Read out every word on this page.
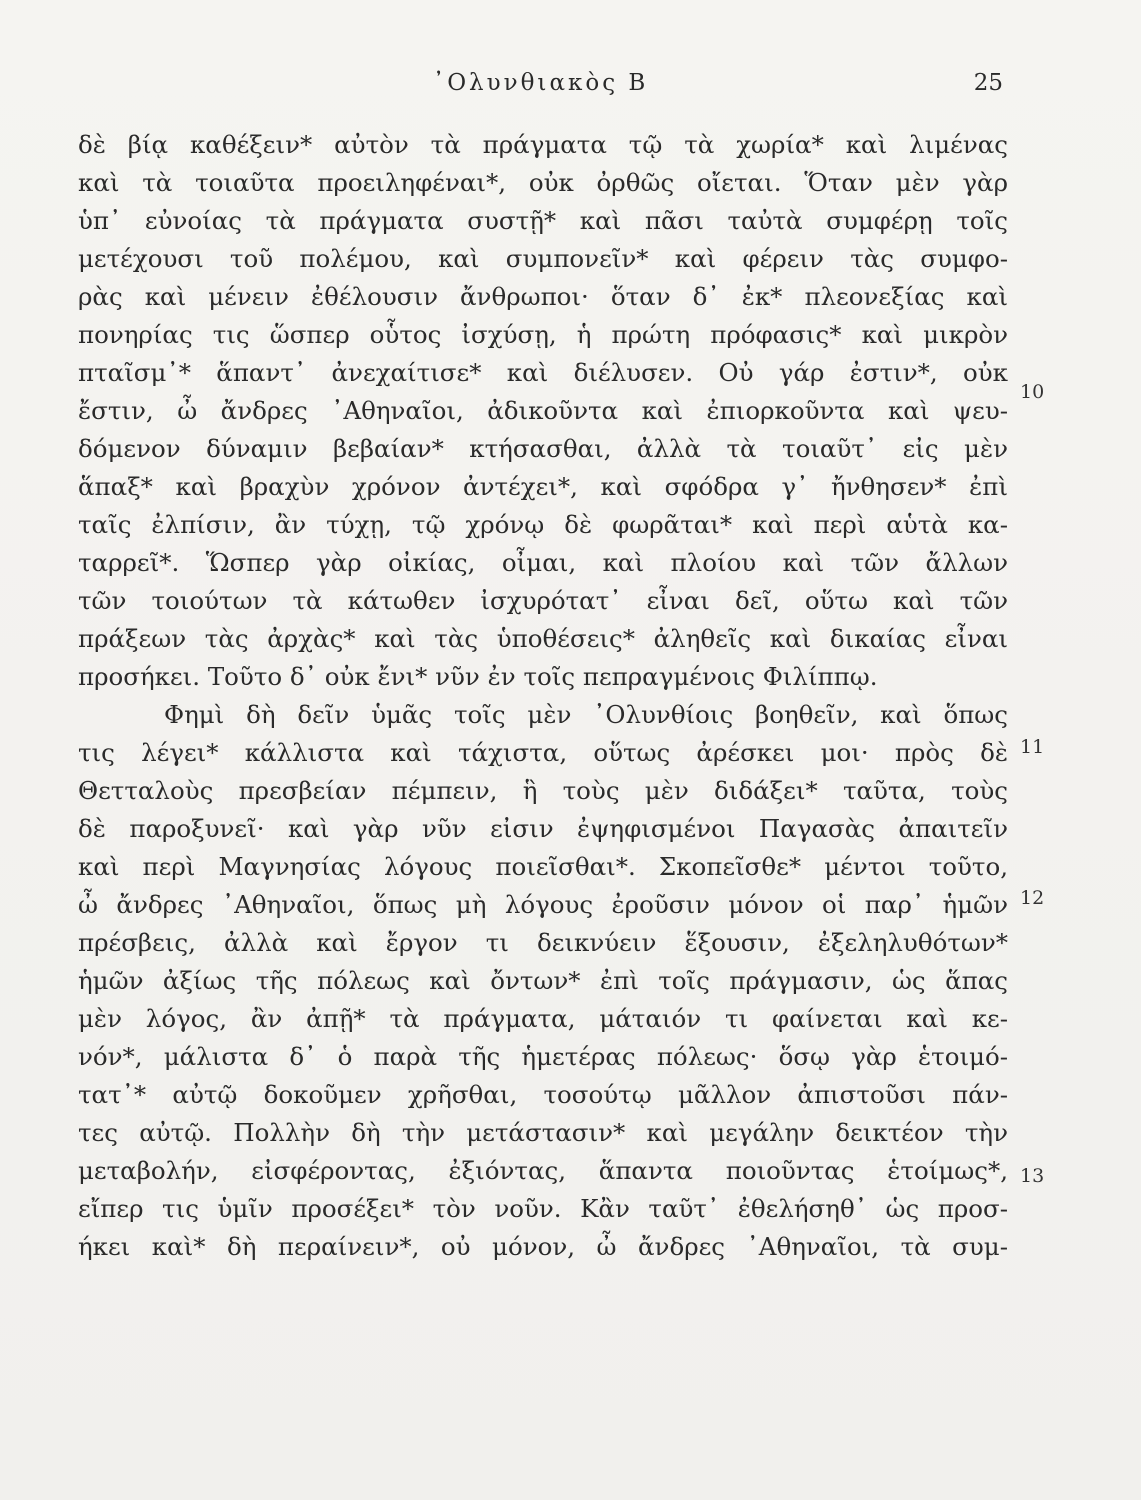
᾽Ολυνθιακὸς Β	25
δὲ βίᾳ καθέξειν* αὐτὸν τὰ πράγματα τῷ τὰ χωρία* καὶ λιμένας
καὶ τὰ τοιαῦτα προειληφέναι*, οὐκ ὀρθῶς οἴεται. Ὅταν μὲν γὰρ
ὑπ᾽ εὐνοίας τὰ πράγματα συστῇ* καὶ πᾶσι ταὐτὰ συμφέρῃ τοῖς
μετέχουσι τοῦ πολέμου, καὶ συμπονεῖν* καὶ φέρειν τὰς συμφο-
ρὰς καὶ μένειν ἐθέλουσιν ἄνθρωποι· ὅταν δ᾽ ἐκ* πλεονεξίας καὶ
πονηρίας τις ὥσπερ οὗτος ἰσχύσῃ, ἡ πρώτη πρόφασις* καὶ μικρὸν
πταῖσμ᾽* ἅπαντ᾽ ἀνεχαίτισε* καὶ διέλυσεν. Οὐ γάρ ἐστιν*, οὐκ
ἔστιν, ὦ ἄνδρες ᾽Αθηναῖοι, ἀδικοῦντα καὶ ἐπιορκοῦντα καὶ ψευ-
δόμενον δύναμιν βεβαίαν* κτήσασθαι, ἀλλὰ τὰ τοιαῦτ᾽ εἰς μὲν
ἅπαξ* καὶ βραχὺν χρόνον ἀντέχει*, καὶ σφόδρα γ᾽ ἤνθησεν* ἐπὶ
ταῖς ἐλπίσιν, ἂν τύχῃ, τῷ χρόνῳ δὲ φωρᾶται* καὶ περὶ αὑτὰ κα-
ταρρεῖ*. Ὥσπερ γὰρ οἰκίας, οἶμαι, καὶ πλοίου καὶ τῶν ἄλλων
τῶν τοιούτων τὰ κάτωθεν ἰσχυρότατ᾽ εἶναι δεῖ, οὕτω καὶ τῶν
πράξεων τὰς ἀρχὰς* καὶ τὰς ὑποθέσεις* ἀληθεῖς καὶ δικαίας εἶναι
προσήκει. Τοῦτο δ᾽ οὐκ ἔνι* νῦν ἐν τοῖς πεπραγμένοις Φιλίππῳ.
Φημὶ δὴ δεῖν ὑμᾶς τοῖς μὲν ᾽Ολυνθίοις βοηθεῖν, καὶ ὅπως
τις λέγει* κάλλιστα καὶ τάχιστα, οὕτως ἀρέσκει μοι· πρὸς δὲ
Θετταλοὺς πρεσβείαν πέμπειν, ἣ τοὺς μὲν διδάξει* ταῦτα, τοὺς
δὲ παροξυνεῖ· καὶ γὰρ νῦν εἰσιν ἐψηφισμένοι Παγασὰς ἀπαιτεῖν
καὶ περὶ Μαγνησίας λόγους ποιεῖσθαι*. Σκοπεῖσθε* μέντοι τοῦτο,
ὦ ἄνδρες ᾽Αθηναῖοι, ὅπως μὴ λόγους ἐροῦσιν μόνον οἱ παρ᾽ ἡμῶν
πρέσβεις, ἀλλὰ καὶ ἔργον τι δεικνύειν ἕξουσιν, ἐξεληλυθότων*
ἡμῶν ἀξίως τῆς πόλεως καὶ ὄντων* ἐπὶ τοῖς πράγμασιν, ὡς ἅπας
μὲν λόγος, ἂν ἀπῇ* τὰ πράγματα, μάταιόν τι φαίνεται καὶ κε-
νόν*, μάλιστα δ᾽ ὁ παρὰ τῆς ἡμετέρας πόλεως· ὅσῳ γὰρ ἑτοιμό-
τατ᾽* αὐτῷ δοκοῦμεν χρῆσθαι, τοσούτῳ μᾶλλον ἀπιστοῦσι πάν-
τες αὐτῷ. Πολλὴν δὴ τὴν μετάστασιν* καὶ μεγάλην δεικτέον τὴν
μεταβολήν, εἰσφέροντας, ἐξιόντας, ἅπαντα ποιοῦντας ἑτοίμως*,
εἴπερ τις ὑμῖν προσέξει* τὸν νοῦν. Κἂν ταῦτ᾽ ἐθελήσηθ᾽ ὡς προσ-
ήκει καὶ* δὴ περαίνειν*, οὐ μόνον, ὦ ἄνδρες ᾽Αθηναῖοι, τὰ συμ-
10
11
12
13
